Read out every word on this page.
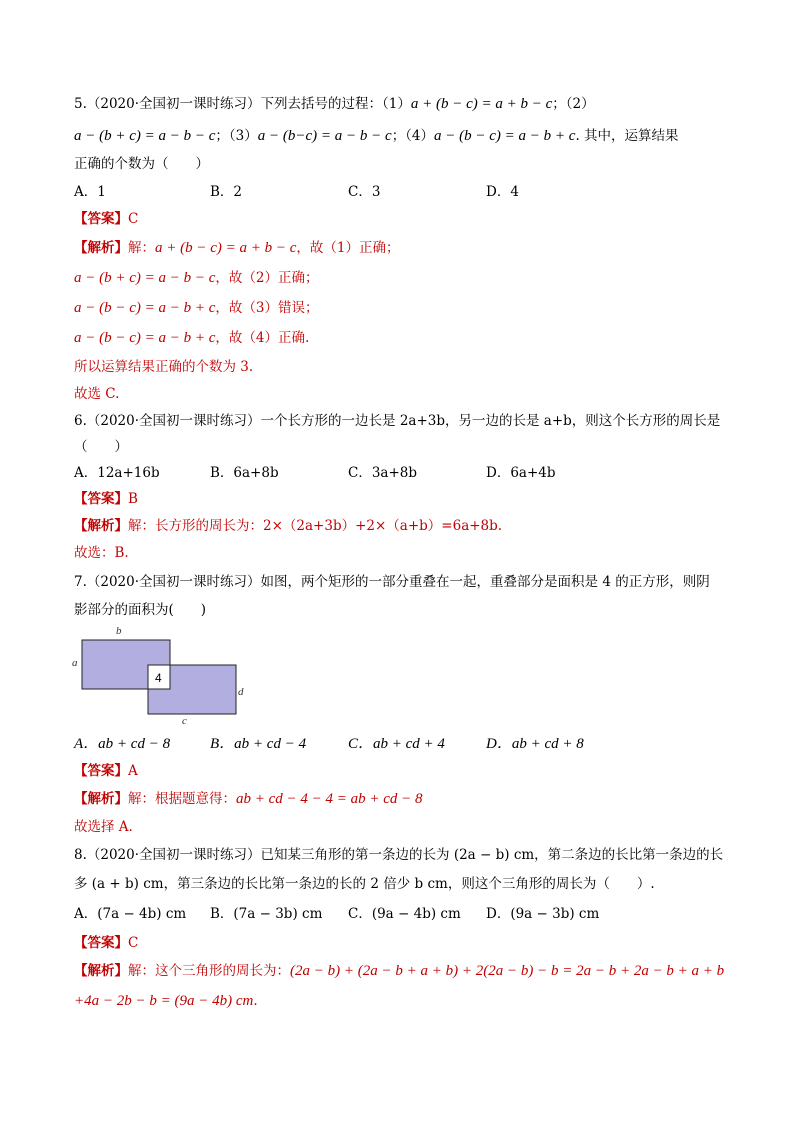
5.（2020·全国初一课时练习）下列去括号的过程：（1）a + (b − c) = a + b − c；（2）
a − (b + c) = a − b − c；（3）a − (b−c) = a − b − c；（4）a − (b − c) = a − b + c. 其中，运算结果
正确的个数为（　　）
A．1	B．2	C．3	D．4
【答案】C
【解析】解：a + (b − c) = a + b − c，故（1）正确；
a − (b + c) = a − b − c，故（2）正确；
a − (b − c) = a − b + c，故（3）错误；
a − (b − c) = a − b + c，故（4）正确.
所以运算结果正确的个数为 3.
故选 C.
6.（2020·全国初一课时练习）一个长方形的一边长是 2a+3b，另一边的长是 a+b，则这个长方形的周长是
（　　）
A．12a+16b	B．6a+8b	C．3a+8b	D．6a+4b
【答案】B
【解析】解：长方形的周长为：2×（2a+3b）+2×（a+b）=6a+8b.
故选：B.
7.（2020·全国初一课时练习）如图，两个矩形的一部分重叠在一起，重叠部分是面积是 4 的正方形，则阴
影部分的面积为(　　)
4
b
a
c
d
A．ab + cd − 8	B．ab + cd − 4	C．ab + cd + 4	D．ab + cd + 8
【答案】A
【解析】解：根据题意得：ab + cd − 4 − 4 = ab + cd − 8
故选择 A.
8.（2020·全国初一课时练习）已知某三角形的第一条边的长为 (2a − b) cm，第二条边的长比第一条边的长
多 (a + b) cm，第三条边的长比第一条边的长的 2 倍少 b cm，则这个三角形的周长为（　　）.
A．(7a − 4b) cm B．(7a − 3b) cm C．(9a − 4b) cm D．(9a − 3b) cm
【答案】C
【解析】解：这个三角形的周长为：(2a − b) + (2a − b + a + b) + 2(2a − b) − b = 2a − b + 2a − b + a + b
+4a − 2b − b = (9a − 4b) cm.
